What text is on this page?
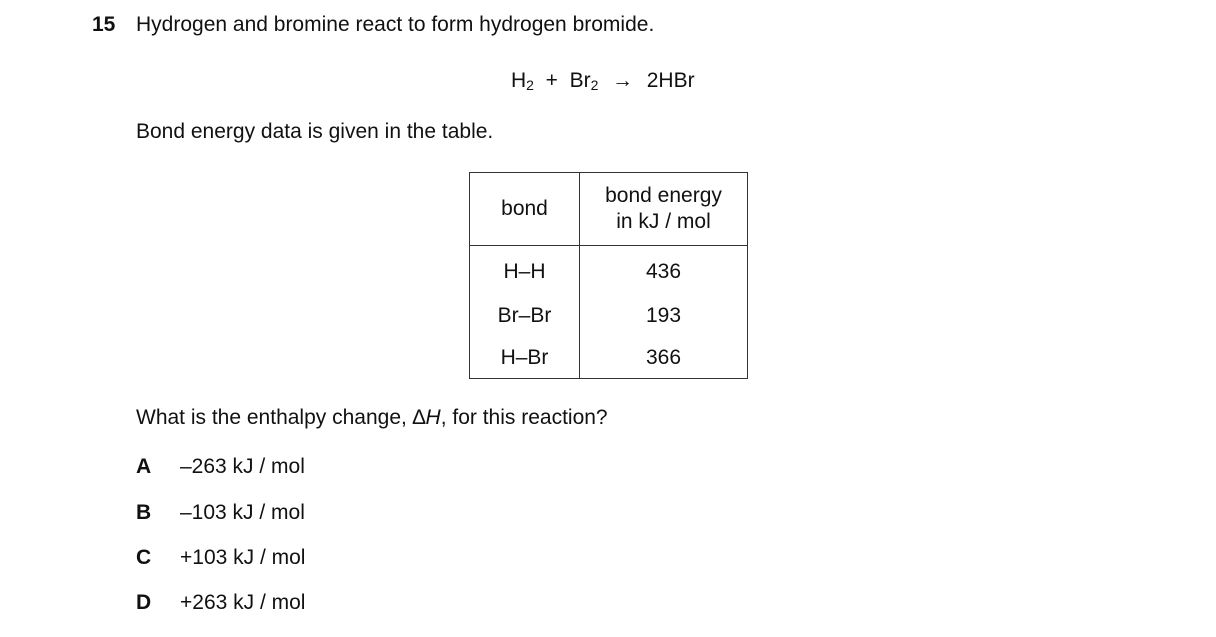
15 Hydrogen and bromine react to form hydrogen bromide.
$H_2 + Br_2 \to 2HBr$
Bond energy data is given in the table.
bond	bond energy
in kJ / mol
H–H	436
Br–Br	193
H–Br	366
What is the enthalpy change, ∆H, for this reaction?
A	–263 kJ / mol
B	–103 kJ / mol
C	+103 kJ / mol
D	+263 kJ / mol
